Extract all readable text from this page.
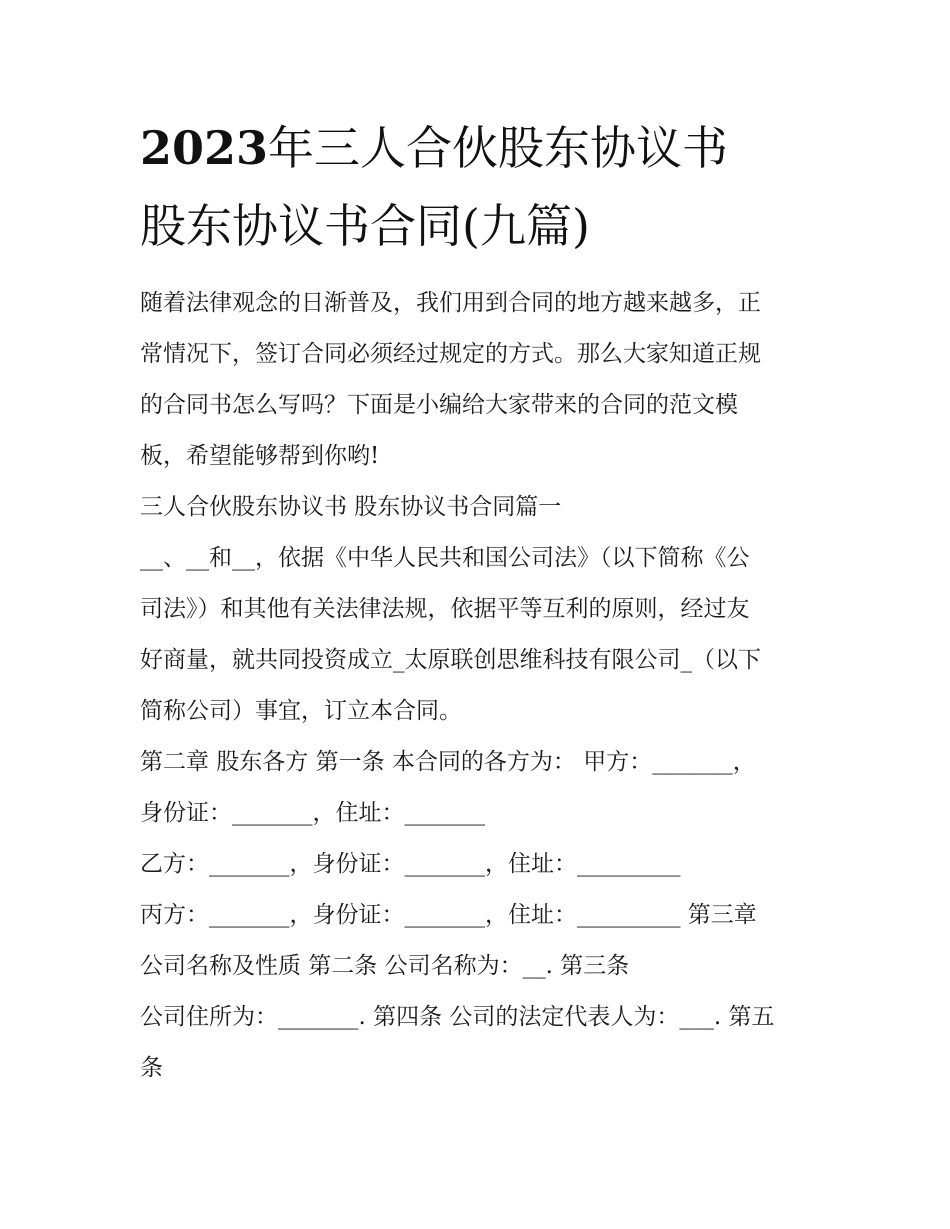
2023年三人合伙股东协议书
股东协议书合同(九篇)
随着法律观念的日渐普及，我们用到合同的地方越来越多，正
常情况下，签订合同必须经过规定的方式。那么大家知道正规
的合同书怎么写吗？下面是小编给大家带来的合同的范文模
板，希望能够帮到你哟!
三人合伙股东协议书 股东协议书合同篇一
__、__和__，依据《中华人民共和国公司法》（以下简称《公
司法》）和其他有关法律法规，依据平等互利的原则，经过友
好商量，就共同投资成立_太原联创思维科技有限公司_（以下
简称公司）事宜，订立本合同。
第二章 股东各方 第一条 本合同的各方为： 甲方：_______，
身份证：_______，住址：_______
乙方：_______，身份证：_______，住址：_________
丙方：_______，身份证：_______，住址：_________ 第三章
公司名称及性质 第二条 公司名称为：__. 第三条
公司住所为：_______. 第四条 公司的法定代表人为：___. 第五
条
